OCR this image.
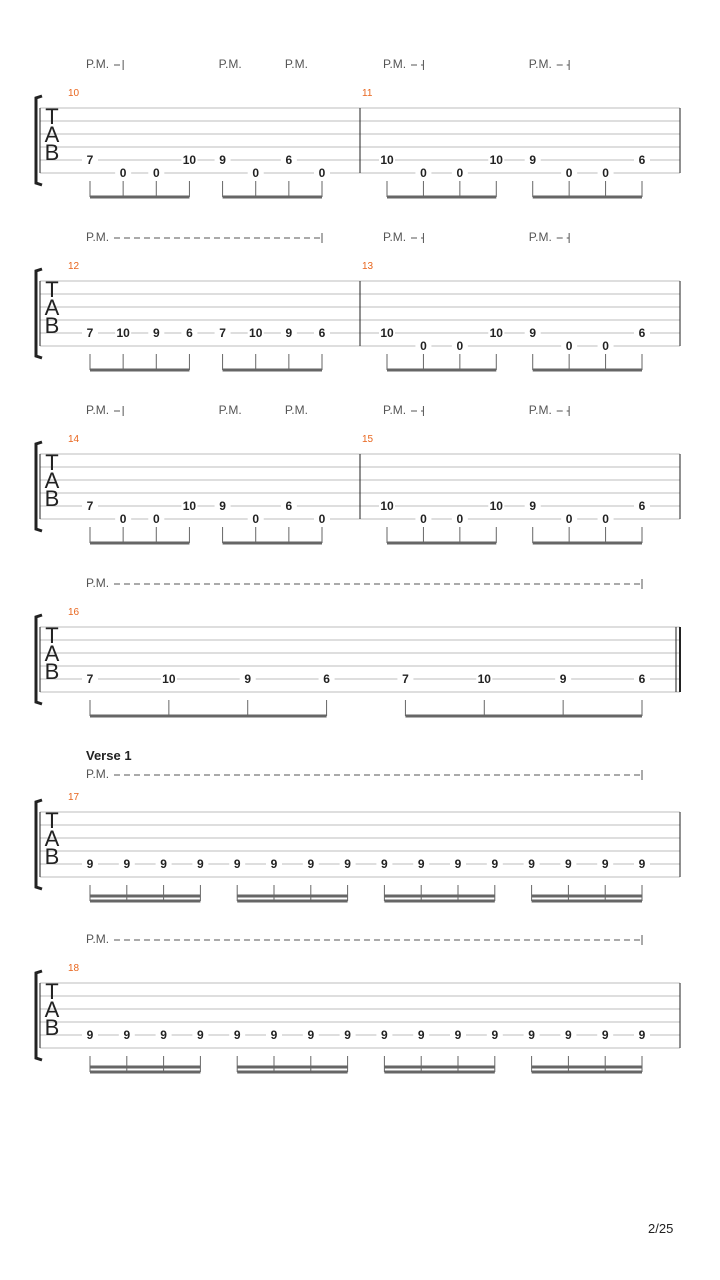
T
A
B
10
7
0 0
10 9
0
6
0
11
10
0 0
10 9
0 0
6
P.M.	P.M.	P.M.	P.M.	P.M.
T
A
B
12
7 10 9 6 7 10 9 6
13
10
0 0
10 9
0 0
6
P.M.	P.M.	P.M.
T
A
B
14
7
0 0
10 9
0
6
0
15
10
0 0
10 9
0 0
6
P.M.	P.M.	P.M.	P.M.	P.M.
T
A
B
16
7	10	9	6	7	10	9	6
P.M.
T
A
B
17
9	9	9	9	9	9	9	9	9	9	9	9	9	9	9	9
Verse 1
P.M.
T
A
B
18
9	9	9	9	9	9	9	9	9	9	9	9	9	9	9	9
P.M.
2/25
